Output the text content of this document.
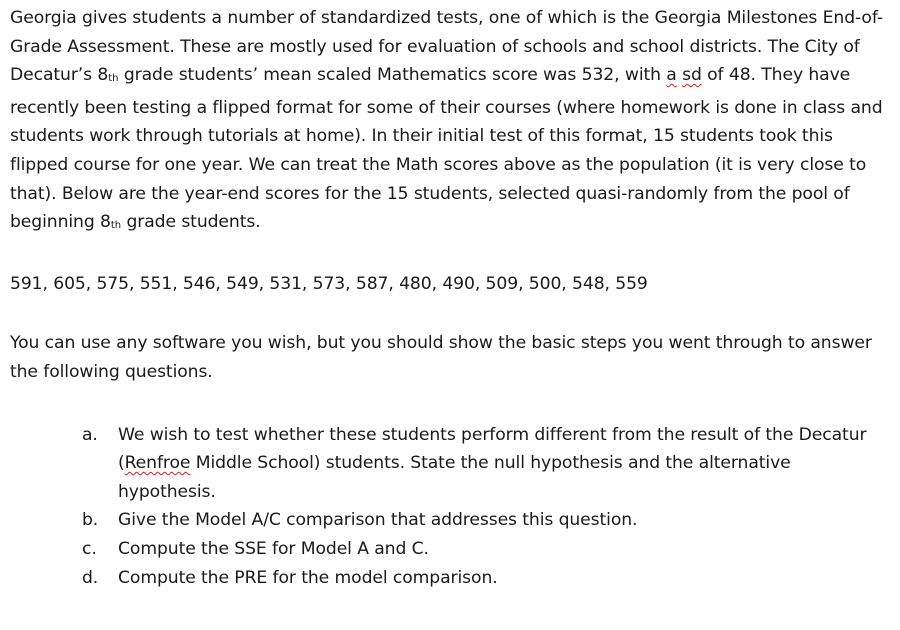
Georgia gives students a number of standardized tests, one of which is the Georgia Milestones End-of-Grade Assessment. These are mostly used for evaluation of schools and school districts. The City of Decatur’s 8th grade students’ mean scaled Mathematics score was 532, with a sd of 48. They have recently been testing a flipped format for some of their courses (where homework is done in class and students work through tutorials at home). In their initial test of this format, 15 students took this flipped course for one year. We can treat the Math scores above as the population (it is very close to that). Below are the year-end scores for the 15 students, selected quasi-randomly from the pool of beginning 8th grade students.

591, 605, 575, 551, 546, 549, 531, 573, 587, 480, 490, 509, 500, 548, 559

You can use any software you wish, but you should show the basic steps you went through to answer the following questions.

a. We wish to test whether these students perform different from the result of the Decatur (Renfroe Middle School) students. State the null hypothesis and the alternative hypothesis.
b. Give the Model A/C comparison that addresses this question.
c. Compute the SSE for Model A and C.
d. Compute the PRE for the model comparison.
